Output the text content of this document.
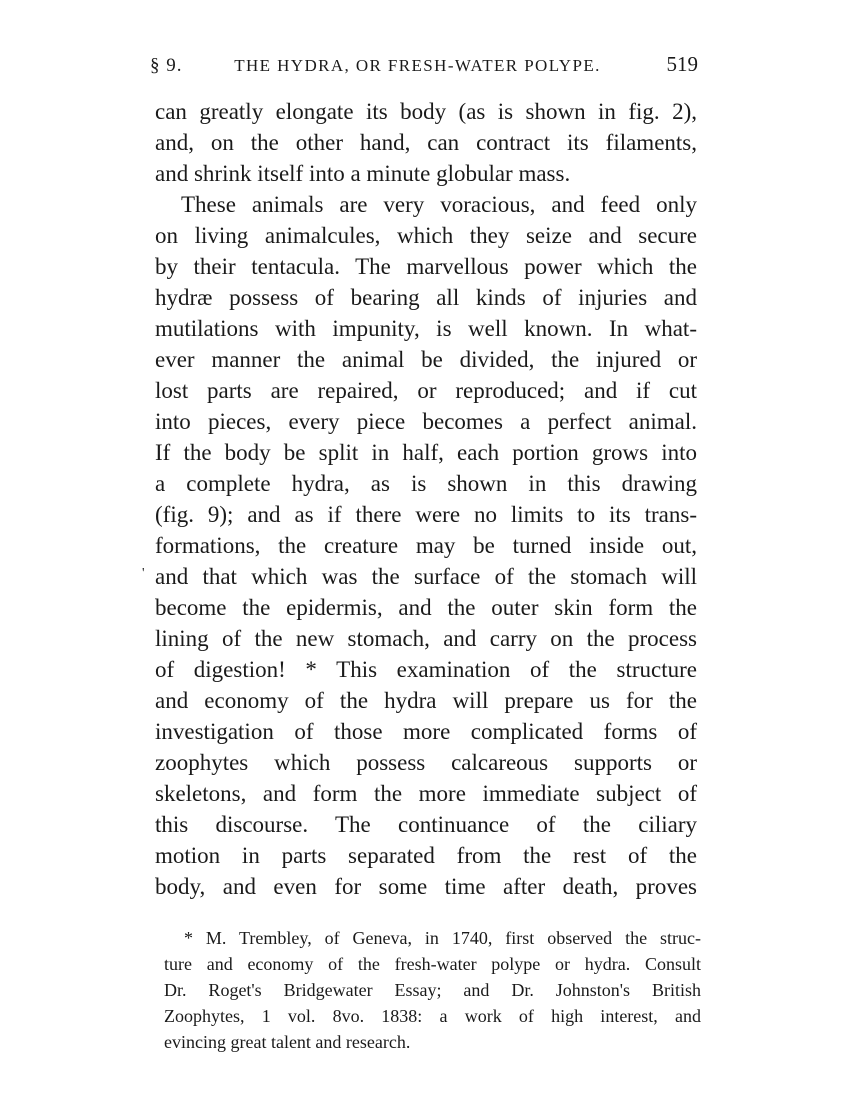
§ 9.	THE HYDRA, OR FRESH-WATER POLYPE.	519
can greatly elongate its body (as is shown in fig. 2),
and, on the other hand, can contract its filaments,
and shrink itself into a minute globular mass.
These animals are very voracious, and feed only
on living animalcules, which they seize and secure
by their tentacula. The marvellous power which the
hydræ possess of bearing all kinds of injuries and
mutilations with impunity, is well known. In what-
ever manner the animal be divided, the injured or
lost parts are repaired, or reproduced; and if cut
into pieces, every piece becomes a perfect animal.
If the body be split in half, each portion grows into
a complete hydra, as is shown in this drawing
(fig. 9); and as if there were no limits to its trans-
formations, the creature may be turned inside out,
and that which was the surface of the stomach will
become the epidermis, and the outer skin form the
lining of the new stomach, and carry on the process
of digestion! * This examination of the structure
and economy of the hydra will prepare us for the
investigation of those more complicated forms of
zoophytes which possess calcareous supports or
skeletons, and form the more immediate subject of
this discourse. The continuance of the ciliary
motion in parts separated from the rest of the
body, and even for some time after death, proves
'
* M. Trembley, of Geneva, in 1740, first observed the struc-
ture and economy of the fresh-water polype or hydra. Consult
Dr. Roget's Bridgewater Essay; and Dr. Johnston's British
Zoophytes, 1 vol. 8vo. 1838: a work of high interest, and
evincing great talent and research.
